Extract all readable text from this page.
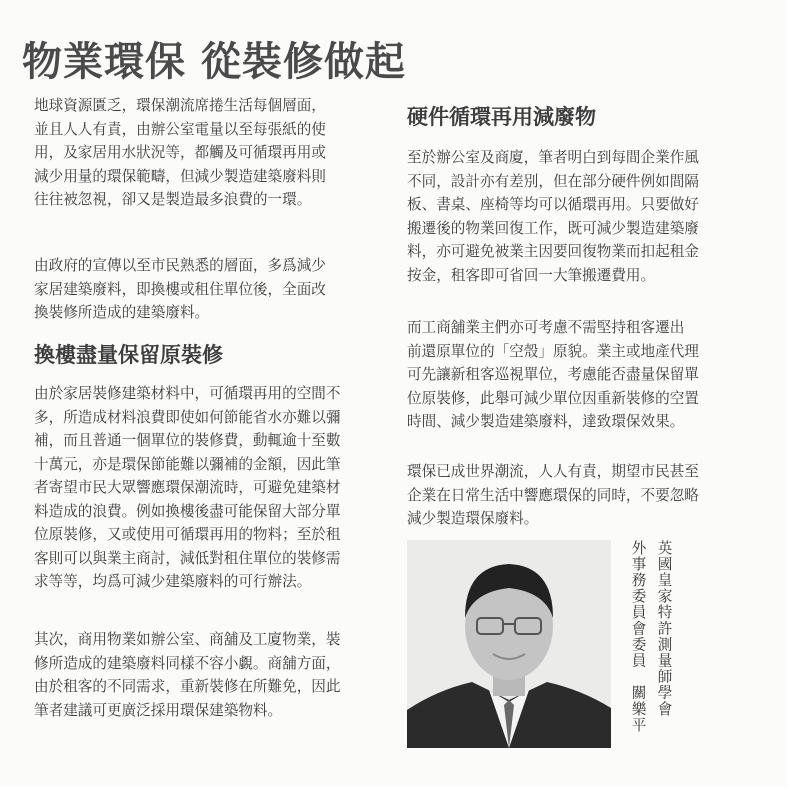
物業環保 從裝修做起
地球資源匱乏，環保潮流席捲生活每個層面，
並且人人有責，由辦公室電量以至每張紙的使
用，及家居用水狀況等，都觸及可循環再用或
減少用量的環保範疇，但減少製造建築廢料則
往往被忽視，卻又是製造最多浪費的一環。
由政府的宣傳以至市民熟悉的層面，多爲減少
家居建築廢料，即換樓或租住單位後，全面改
換裝修所造成的建築廢料。
換樓盡量保留原裝修
由於家居裝修建築材料中，可循環再用的空間不
多，所造成材料浪費即使如何節能省水亦難以彌
補，而且普通一個單位的裝修費，動輒逾十至數
十萬元，亦是環保節能難以彌補的金額，因此筆
者寄望市民大眾響應環保潮流時，可避免建築材
料造成的浪費。例如換樓後盡可能保留大部分單
位原裝修，又或使用可循環再用的物料；至於租
客則可以與業主商討，減低對租住單位的裝修需
求等等，均爲可減少建築廢料的可行辦法。
其次，商用物業如辦公室、商舖及工廈物業，裝
修所造成的建築廢料同樣不容小覷。商舖方面，
由於租客的不同需求，重新裝修在所難免，因此
筆者建議可更廣泛採用環保建築物料。
硬件循環再用減廢物
至於辦公室及商廈，筆者明白到每間企業作風
不同，設計亦有差別，但在部分硬件例如間隔
板、書桌、座椅等均可以循環再用。只要做好
搬遷後的物業回復工作，既可減少製造建築廢
料，亦可避免被業主因要回復物業而扣起租金
按金，租客即可省回一大筆搬遷費用。
而工商舖業主們亦可考慮不需堅持租客遷出
前還原單位的「空殼」原貌。業主或地產代理
可先讓新租客巡視單位，考慮能否盡量保留單
位原裝修，此舉可減少單位因重新裝修的空置
時間、減少製造建築廢料，達致環保效果。
環保已成世界潮流，人人有責，期望市民甚至
企業在日常生活中響應環保的同時，不要忽略
減少製造環保廢料。
英國皇家特許測量師學會
外事務委員會委員　關樂平
